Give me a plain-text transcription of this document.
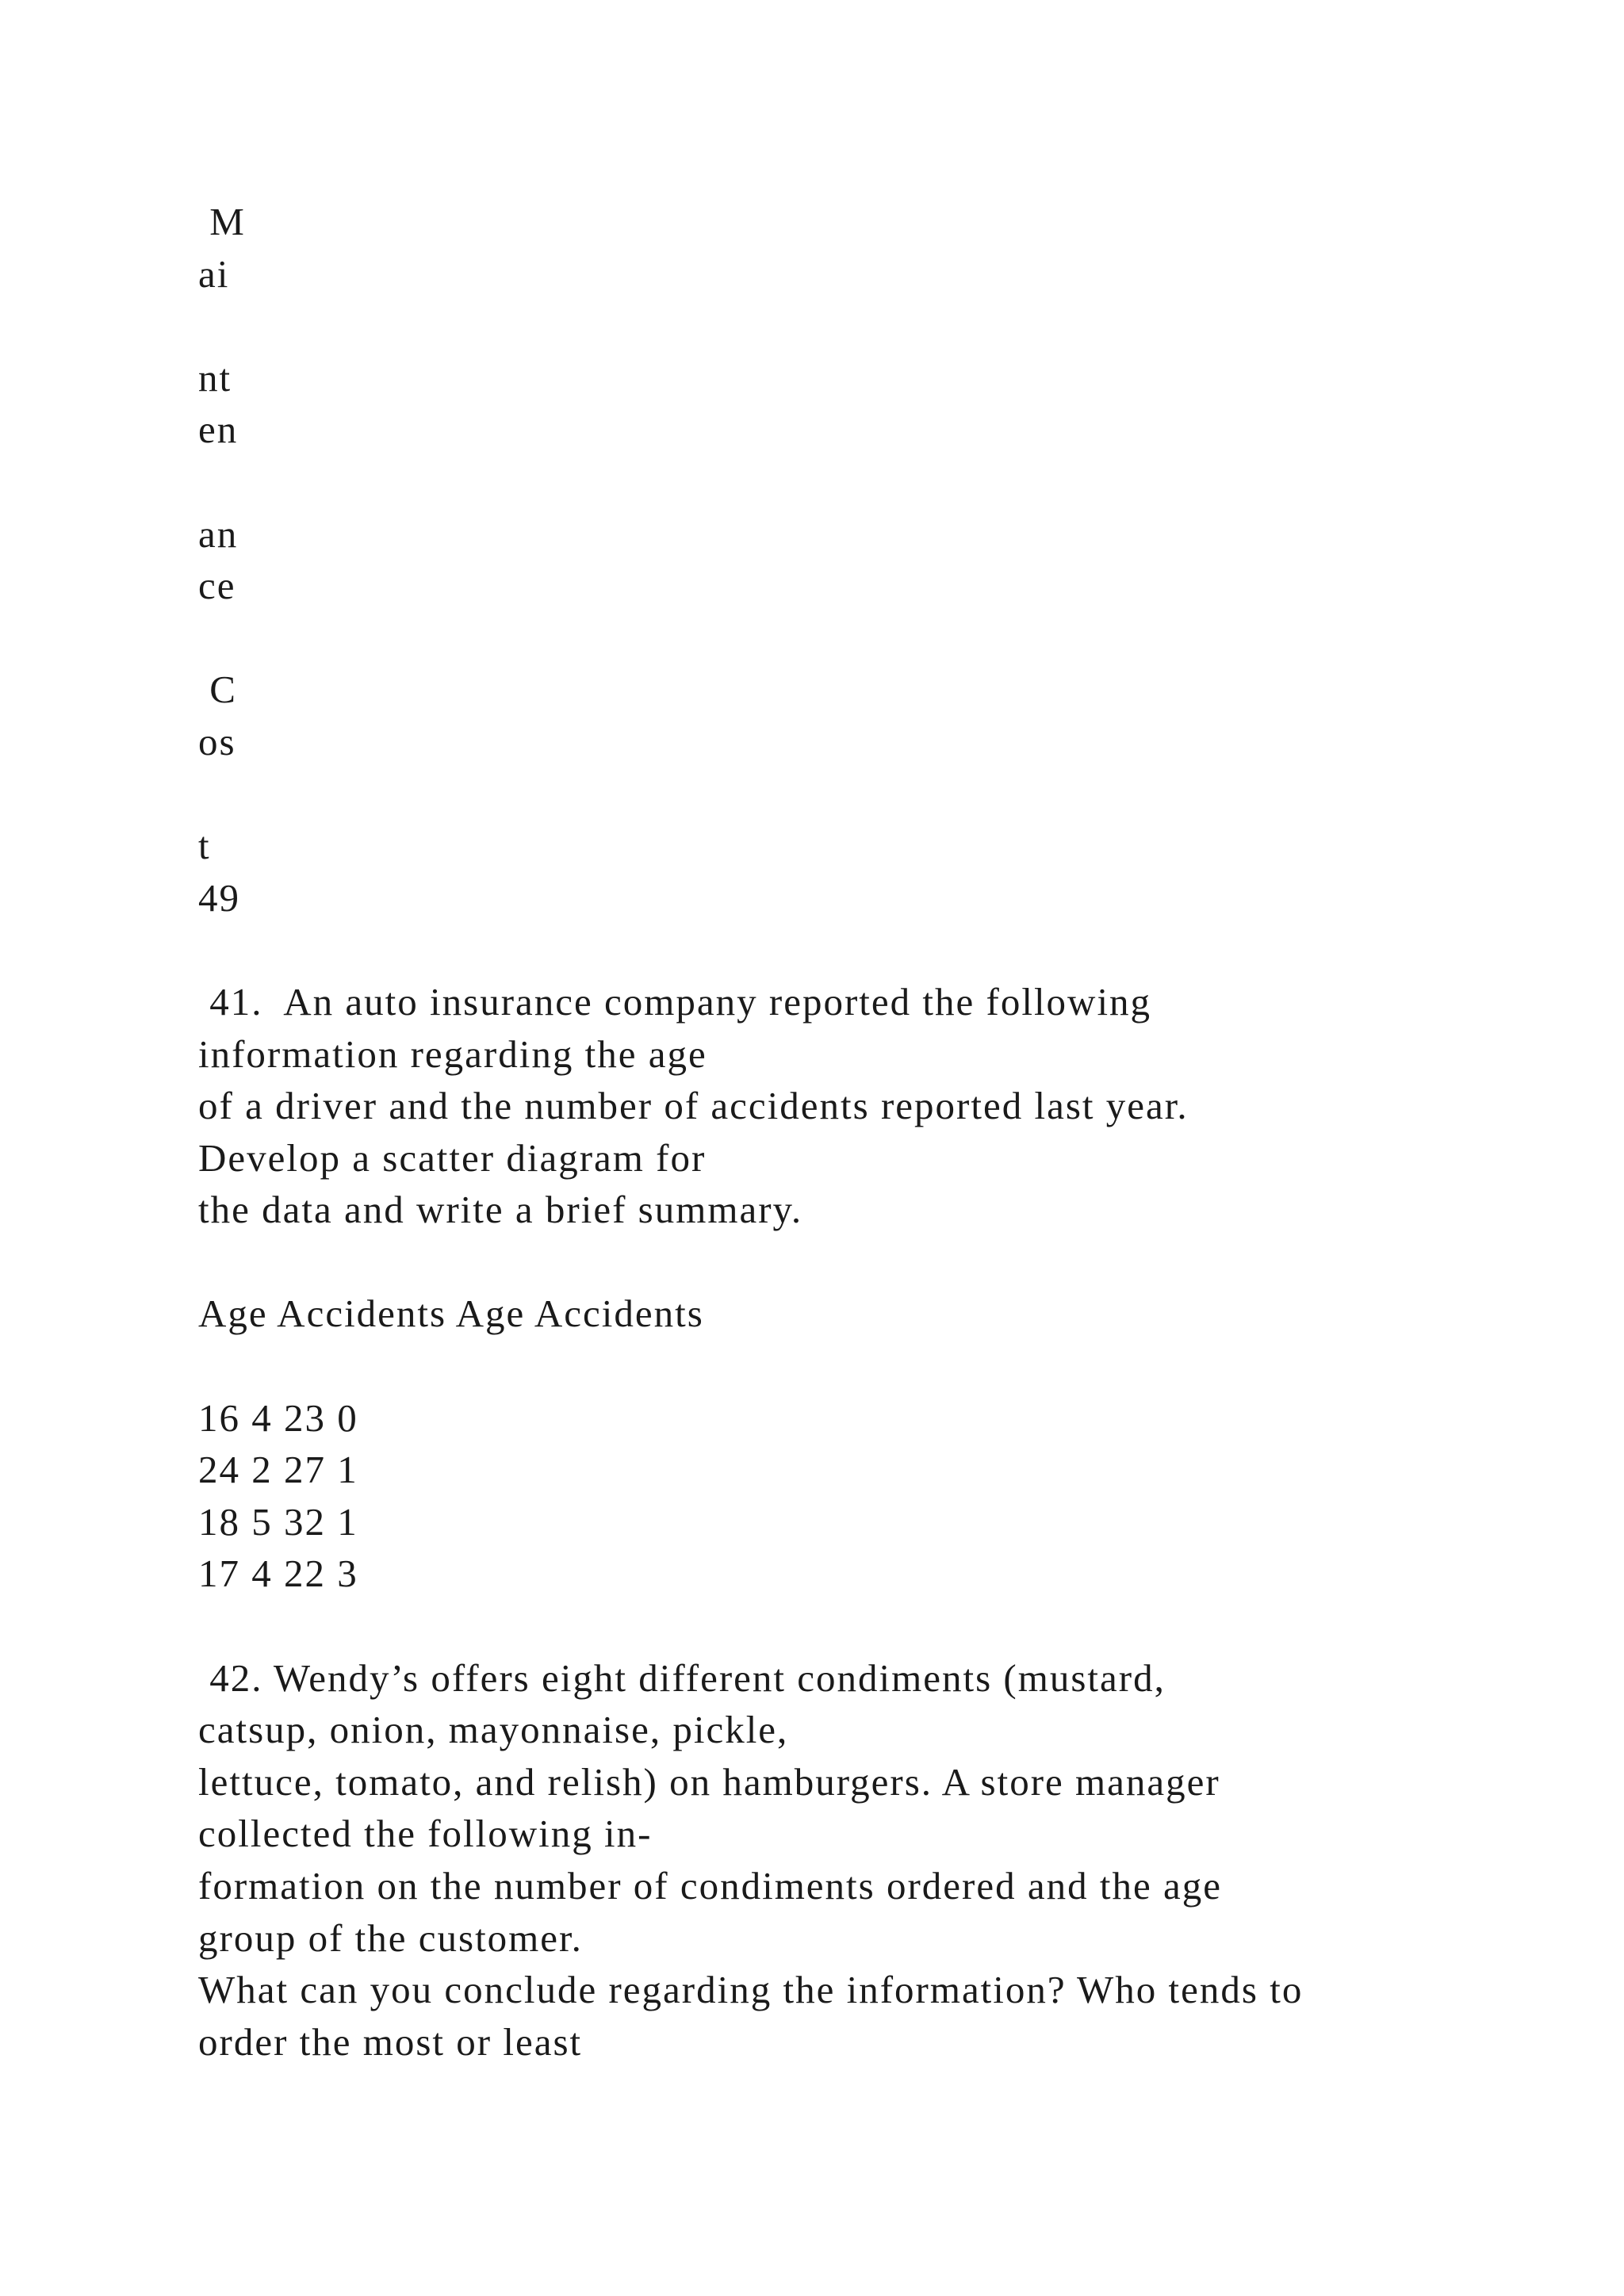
M
ai
nt
en
an
ce
C
os
t
49
41.  An auto insurance company reported the following
information regarding the age
of a driver and the number of accidents reported last year.
Develop a scatter diagram for
the data and write a brief summary.
Age Accidents Age Accidents
16 4 23 0
24 2 27 1
18 5 32 1
17 4 22 3
42. Wendy’s offers eight different condiments (mustard,
catsup, onion, mayonnaise, pickle,
lettuce, tomato, and relish) on hamburgers. A store manager
collected the following in-
formation on the number of condiments ordered and the age
group of the customer.
What can you conclude regarding the information? Who tends to
order the most or least
